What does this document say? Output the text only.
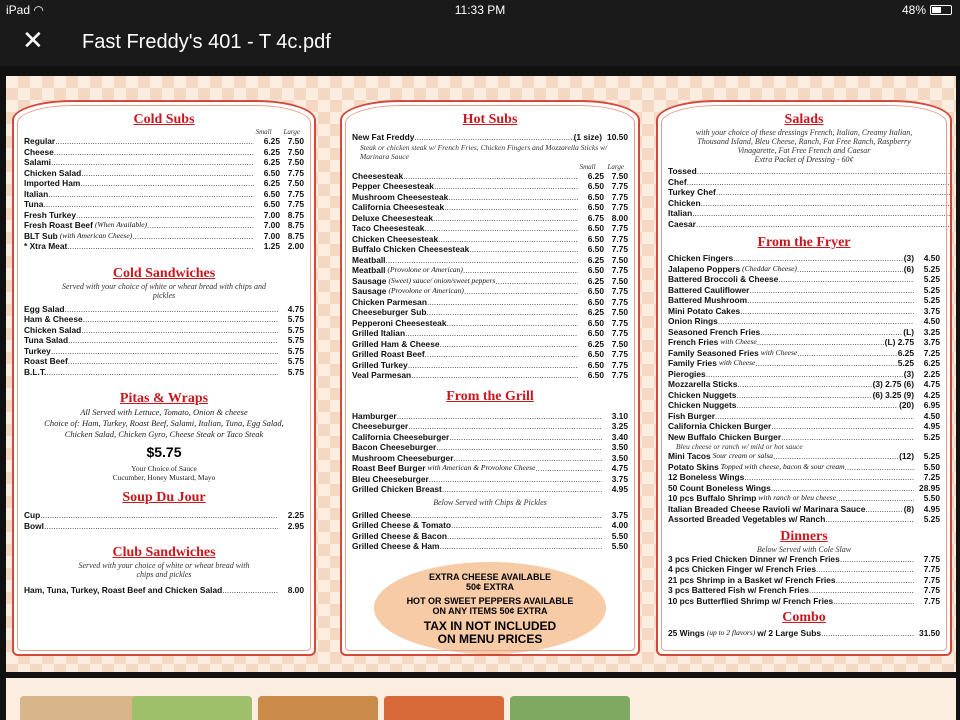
iPad ◠	11:33 PM	48%
✕ Fast Freddy's 401 - T 4c.pdf
Cold Subs
Small Large
Regular .....	6.25 7.50
Cheese .....	6.25 7.50
Salami .....	6.25 7.50
Chicken Salad .....	6.50 7.75
Imported Ham .....	6.25 7.50
Italian .....	6.50 7.75
Tuna .....	6.50 7.75
Fresh Turkey .....	7.00 8.75
Fresh Roast Beef (When Available) .....	7.00 8.75
BLT Sub (with American Cheese) .....	7.00 8.75
* Xtra Meat .....	1.25 2.00
Cold Sandwiches
Served with your choice of white or wheat bread with chips and pickles
Egg Salad .....	4.75
Ham & Cheese .....	5.75
Chicken Salad .....	5.75
Tuna Salad .....	5.75
Turkey .....	5.75
Roast Beef .....	5.75
B.L.T. .....	5.75
Pitas & Wraps
All Served with Lettuce, Tomato, Onion & cheese
Choice of: Ham, Turkey, Roast Beef, Salami, Italian, Tuna, Egg Salad, Chicken Salad, Chicken Gyro, Cheese Steak or Taco Steak
$5.75
Your Choice of Sauce
Cucumber, Honey Mustard, Mayo
Soup Du Jour
Cup .....	2.25
Bowl .....	2.95
Club Sandwiches
Served with your choice of white or wheat bread with chips and pickles
Ham, Tuna, Turkey, Roast Beef and Chicken Salad .....	8.00
Hot Subs
New Fat Freddy .....	(1 size) 10.50
Steak or chicken steak w/ French Fries, Chicken Fingers and Mozzarella Sticks w/ Marinara Sauce
Small Large
Cheesesteak .....	6.25 7.50
Pepper Cheesesteak .....	6.50 7.75
Mushroom Cheesesteak .....	6.50 7.75
California Cheesesteak .....	6.50 7.75
Deluxe Cheesesteak .....	6.75 8.00
Taco Cheesesteak .....	6.50 7.75
Chicken Cheesesteak .....	6.50 7.75
Buffalo Chicken Cheesesteak .....	6.50 7.75
Meatball .....	6.25 7.50
Meatball (Provolone or American) .....	6.50 7.75
Sausage (Sweet) sauce/ onion/sweet peppers .....	6.25 7.50
Sausage (Provolone or American) .....	6.50 7.75
Chicken Parmesan .....	6.50 7.75
Cheeseburger Sub .....	6.25 7.50
Pepperoni Cheesesteak .....	6.50 7.75
Grilled Italian .....	6.50 7.75
Grilled Ham & Cheese .....	6.25 7.50
Grilled Roast Beef .....	6.50 7.75
Grilled Turkey .....	6.50 7.75
Veal Parmesan .....	6.50 7.75
From the Grill
Hamburger .....	3.10
Cheeseburger .....	3.25
California Cheeseburger .....	3.40
Bacon Cheeseburger .....	3.50
Mushroom Cheeseburger .....	3.50
Roast Beef Burger with American & Provolone Cheese .....	4.75
Bleu Cheeseburger .....	3.75
Grilled Chicken Breast .....	4.95
Below Served with Chips & Pickles
Grilled Cheese .....	3.75
Grilled Cheese & Tomato .....	4.00
Grilled Cheese & Bacon .....	5.50
Grilled Cheese & Ham .....	5.50
EXTRA CHEESE AVAILABLE
50¢ EXTRA
HOT OR SWEET PEPPERS AVAILABLE
ON ANY ITEMS 50¢ EXTRA
TAX IN NOT INCLUDED
ON MENU PRICES
Salads
with your choice of these dressings French, Italian, Creamy Italian, Thousand Island, Bleu Cheese, Ranch, Fat Free Ranch, Raspberry Vinagarette, Fat Free French and Caesar
Extra Packet of Dressing - 60¢
Tossed
.....
Chef
.....
Turkey Chef
.....
Chicken
.....
Italian
.....
Caesar
.....
From the Fryer
Chicken Fingers .....	(3)	4.50
Jalapeno Poppers (Cheddar Cheese) .....	(6)	5.25
Battered Broccoli & Cheese .....	5.25
Battered Cauliflower .....	5.25
Battered Mushroom .....	5.25
Mini Potato Cakes .....	3.75
Onion Rings .....	4.50
Seasoned French Fries .....	(L)	3.25
French Fries with Cheese .....	(L) 2.75	3.75
Family Seasoned Fries with Cheese .....	6.25	7.25
Family Fries with Cheese .....	5.25	6.25
Pierogies .....	(3)	2.25
Mozzarella Sticks .....	(3) 2.75 (6)	4.75
Chicken Nuggets .....	(6) 3.25 (9)	4.25
Chicken Nuggets .....	(20)	6.95
Fish Burger .....	4.50
California Chicken Burger .....	4.95
New Buffalo Chicken Burger .....	5.25
Bleu cheese or ranch w/ mild or hot sauce
Mini Tacos Sour cream or salsa .....	(12)	5.25
Potato Skins Topped with cheese, bacon & sour cream .....	5.50
12 Boneless Wings .....	7.25
50 Count Boneless Wings .....	28.95
10 pcs Buffalo Shrimp with ranch or bleu cheese .....	5.50
Italian Breaded Cheese Ravioli w/ Marinara Sauce .....	(8)	4.95
Assorted Breaded Vegetables w/ Ranch .....	5.25
Dinners
Below Served with Cole Slaw
3 pcs Fried Chicken Dinner w/ French Fries .....	7.75
4 pcs Chicken Finger w/ French Fries .....	7.75
21 pcs Shrimp in a Basket w/ French Fries .....	7.75
3 pcs Battered Fish w/ French Fries .....	7.75
10 pcs Butterflied Shrimp w/ French Fries .....	7.75
Combo
25 Wings (up to 2 flavors) w/ 2 Large Subs .....	31.50
